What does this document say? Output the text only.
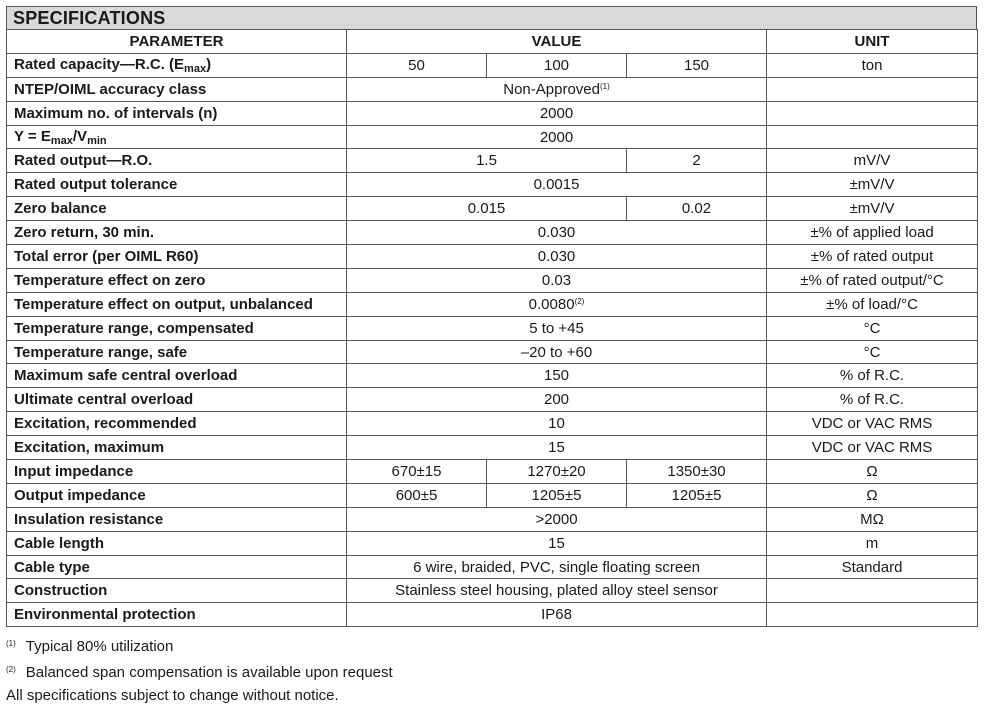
SPECIFICATIONS
PARAMETER	VALUE			UNIT
Rated capacity—R.C. $(E_{max})$	50	100	150	ton
NTEP/OIML accuracy class	Non-Approved$^{(1)}$	
Maximum no. of intervals (n)	2000			
$Y = E_{max}/V_{min}$	2000			
Rated output—R.O.	1.5		2	mV/V
Rated output tolerance	0.0015			±mV/V
Zero balance	0.015		0.02	±mV/V
Zero return, 30 min.	0.030			±% of applied load
Total error (per OIML R60)	0.030			±% of rated output
Temperature effect on zero	0.03			±% of rated output/°C
Temperature effect on output, unbalanced	0.0080$^{(2)}$			±% of load/°C
Temperature range, compensated	5 to +45			°C
Temperature range, safe	–20 to +60			°C
Maximum safe central overload	150			% of R.C.
Ultimate central overload	200			% of R.C.
Excitation, recommended	10			VDC or VAC RMS
Excitation, maximum	15			VDC or VAC RMS
Input impedance	670±15	1270±20	1350±30	Ω
Output impedance	600±5	1205±5	1205±5	Ω
Insulation resistance	>2000			MΩ
Cable length	15			m
Cable type	6 wire, braided, PVC, single floating screen			Standard
Construction	Stainless steel housing, plated alloy steel sensor			
Environmental protection	IP68			
$^{(1)}$ Typical 80% utilization
$^{(2)}$ Balanced span compensation is available upon request
All specifications subject to change without notice.
